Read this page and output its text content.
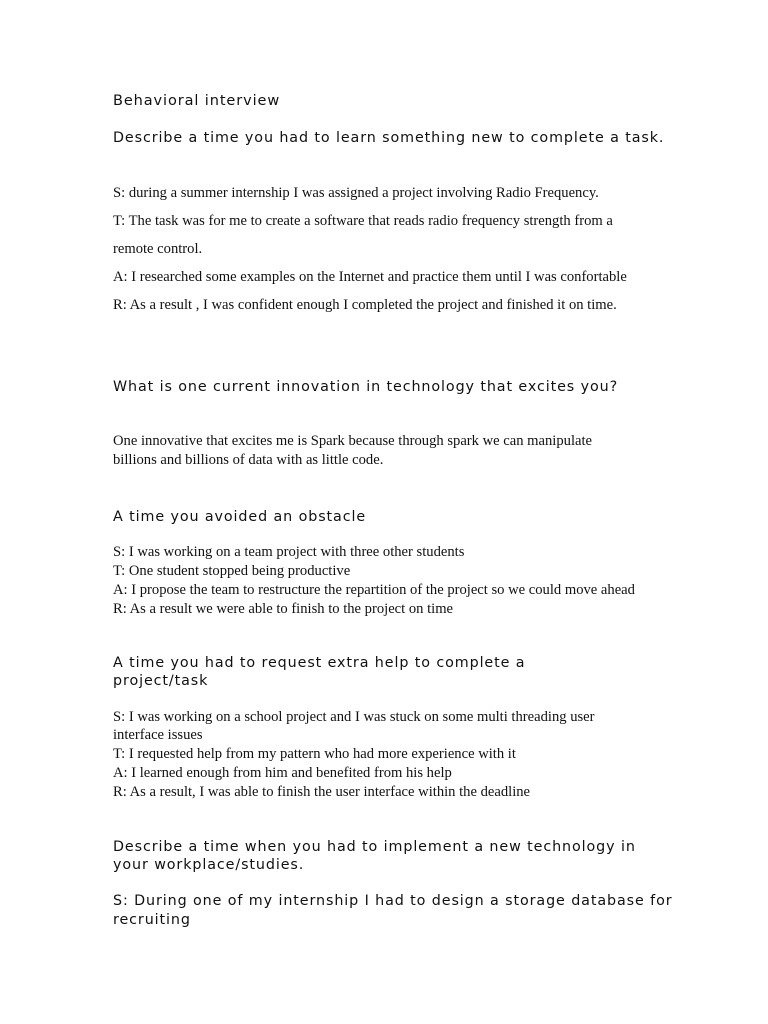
Behavioral interview
Describe a time you had to learn something new to complete a task.

S: during a summer internship I was assigned a project involving Radio Frequency.

T: The task was for me to create a software that reads radio frequency strength from a

remote control.

A: I researched some examples on the Internet and practice them until I was confortable

R: As a result , I was confident enough I completed the project and finished it on time.

What is one current innovation in technology that excites you?

One innovative that excites me is Spark because through spark we can manipulate billions and billions of data with as little code.

A time you avoided an obstacle

S: I was working on a team project with three other students

T: One student stopped being productive

A: I propose the team to restructure the repartition of the project so we could move ahead

R: As a result we were able to finish to the project on time

A time you had to request extra help to complete a project/task

S: I was working on a school project and I was stuck on some multi threading user

interface issues

T: I requested help from my pattern who had more experience with it

A: I learned enough from him and benefited from his help

R: As a result, I was able to finish the user interface within the deadline

Describe a time when you had to implement a new technology in your workplace/studies.

S: During one of my internship I had to design a storage database for recruiting
